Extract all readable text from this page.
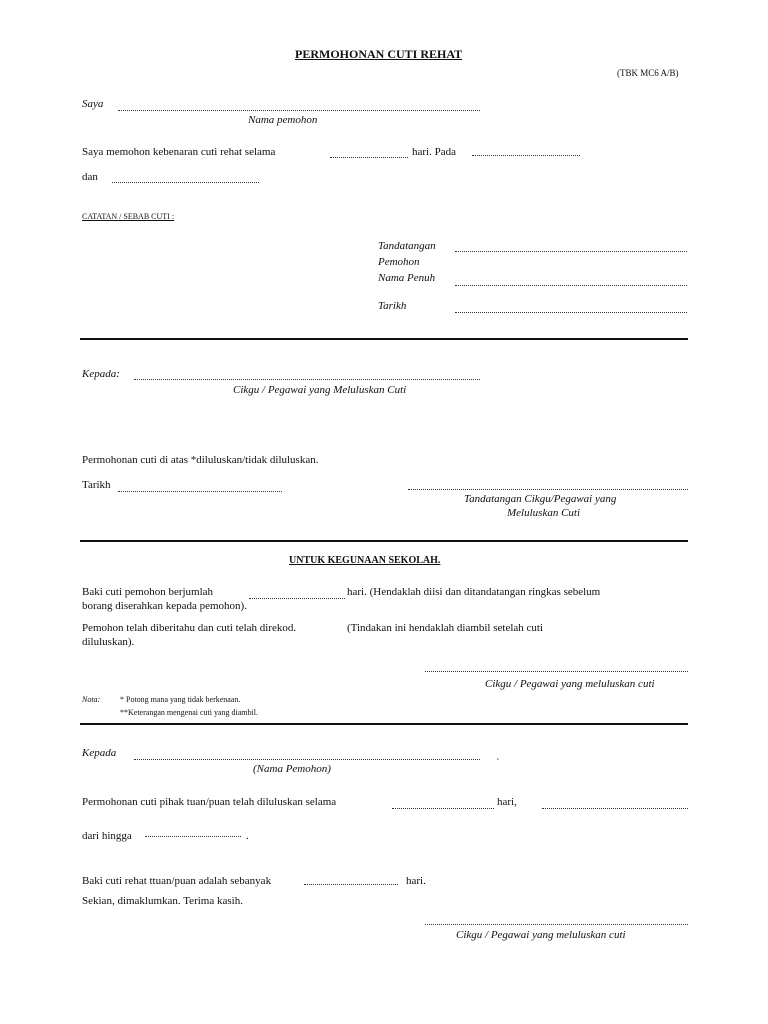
PERMOHONAN CUTI REHAT
(TBK MC6 A/B)
Saya
Nama pemohon
Saya memohon kebenaran cuti rehat selama	hari. Pada
dan
CATATAN / SEBAB CUTI :
Tandatangan
Pemohon
Nama Penuh
Tarikh
Kepada:
Cikgu / Pegawai yang Meluluskan Cuti
Permohonan cuti di atas *diluluskan/tidak diluluskan.
Tarikh
Tandatangan Cikgu/Pegawai yang
Meluluskan Cuti
UNTUK KEGUNAAN SEKOLAH.
Baki cuti pemohon berjumlah	hari. (Hendaklah diisi dan ditandatangan ringkas sebelum
borang diserahkan kepada pemohon).
Pemohon telah diberitahu dan cuti telah direkod.	(Tindakan ini hendaklah diambil setelah cuti
diluluskan).
Cikgu / Pegawai yang meluluskan cuti
Nota: * Potong mana yang tidak berkenaan.
**Keterangan mengenai cuti yang diambil.
Kepada
(Nama Pemohon)	`
Permohonan cuti pihak tuan/puan telah diluluskan selama	hari,
dari hingga	.
Baki cuti rehat ttuan/puan adalah sebanyak	hari.
Sekian, dimaklumkan. Terima kasih.
Cikgu / Pegawai yang meluluskan cuti
